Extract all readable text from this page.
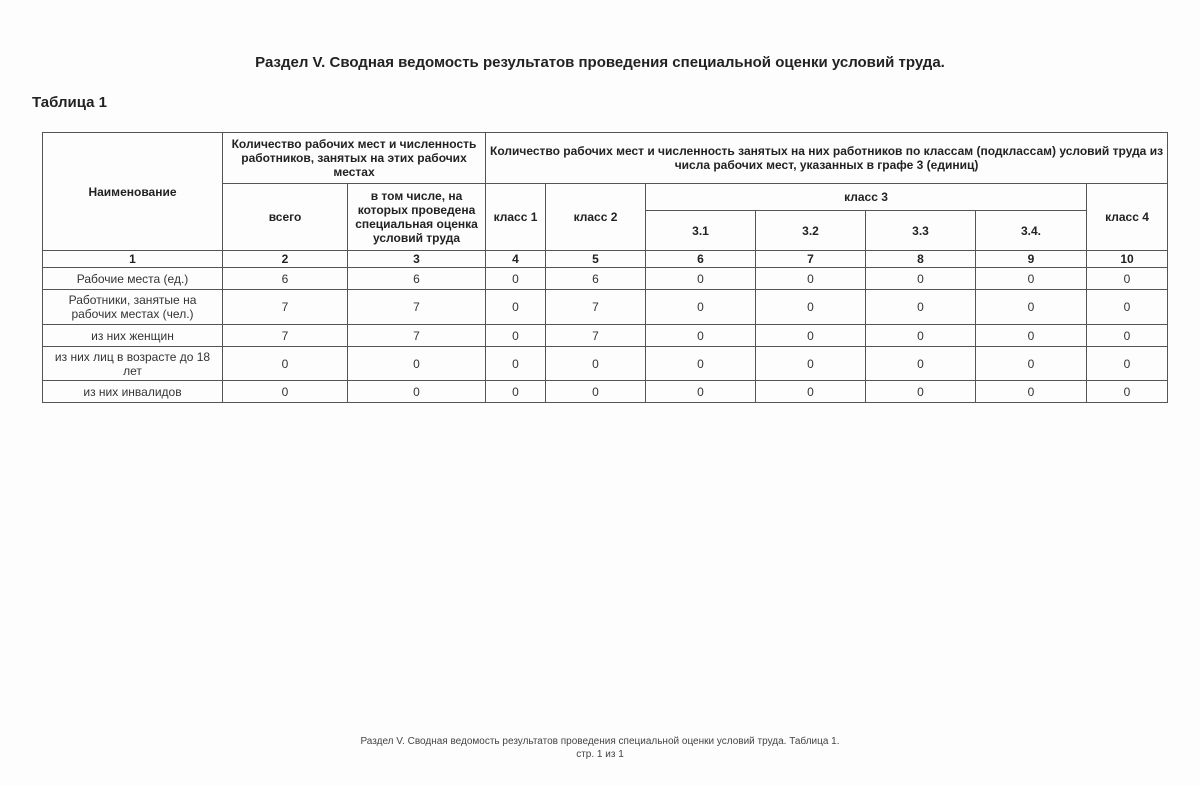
Раздел V. Сводная ведомость результатов проведения специальной оценки условий труда.
Таблица 1
Наименование	Количество рабочих мест и численность работников, занятых на этих рабочих местах		Количество рабочих мест и численность занятых на них работников по классам (подклассам) условий труда из числа рабочих мест, указанных в графе 3 (единиц)						
	всего	в том числе, на которых проведена специальная оценка условий труда	класс 1	класс 2	класс 3				класс 4
					3.1	3.2	3.3	3.4.	
1	2	3	4	5	6	7	8	9	10
Рабочие места (ед.)	6	6	0	6	0	0	0	0	0
Работники, занятые на рабочих местах (чел.)	7	7	0	7	0	0	0	0	0
из них женщин	7	7	0	7	0	0	0	0	0
из них лиц в возрасте до 18 лет	0	0	0	0	0	0	0	0	0
из них инвалидов	0	0	0	0	0	0	0	0	0
Раздел V. Сводная ведомость результатов проведения специальной оценки условий труда. Таблица 1.
стр. 1 из 1
